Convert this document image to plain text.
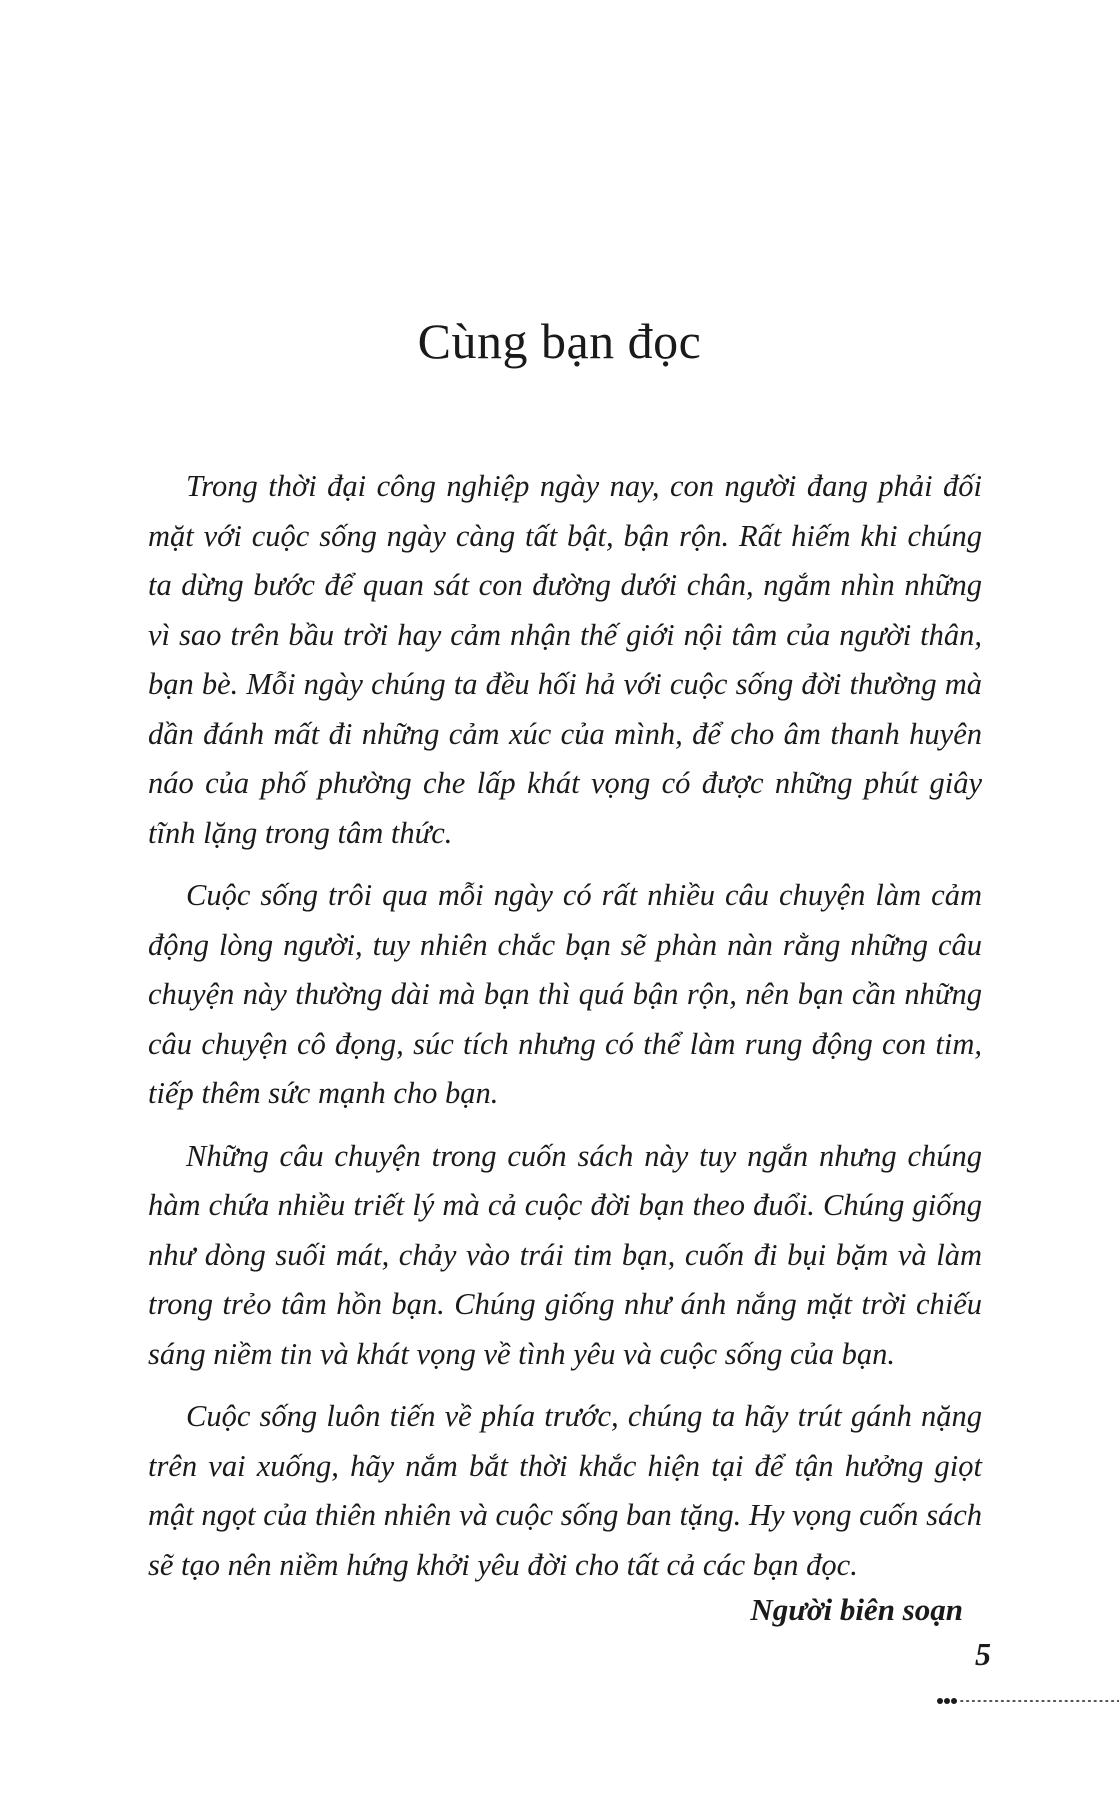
Cùng bạn đọc

Trong thời đại công nghiệp ngày nay, con người đang phải đối mặt với cuộc sống ngày càng tất bật, bận rộn. Rất hiếm khi chúng ta dừng bước để quan sát con đường dưới chân, ngắm nhìn những vì sao trên bầu trời hay cảm nhận thế giới nội tâm của người thân, bạn bè. Mỗi ngày chúng ta đều hối hả với cuộc sống đời thường mà dần đánh mất đi những cảm xúc của mình, để cho âm thanh huyên náo của phố phường che lấp khát vọng có được những phút giây tĩnh lặng trong tâm thức.

Cuộc sống trôi qua mỗi ngày có rất nhiều câu chuyện làm cảm động lòng người, tuy nhiên chắc bạn sẽ phàn nàn rằng những câu chuyện này thường dài mà bạn thì quá bận rộn, nên bạn cần những câu chuyện cô đọng, súc tích nhưng có thể làm rung động con tim, tiếp thêm sức mạnh cho bạn.

Những câu chuyện trong cuốn sách này tuy ngắn nhưng chúng hàm chứa nhiều triết lý mà cả cuộc đời bạn theo đuổi. Chúng giống như dòng suối mát, chảy vào trái tim bạn, cuốn đi bụi bặm và làm trong trẻo tâm hồn bạn. Chúng giống như ánh nắng mặt trời chiếu sáng niềm tin và khát vọng về tình yêu và cuộc sống của bạn.

Cuộc sống luôn tiến về phía trước, chúng ta hãy trút gánh nặng trên vai xuống, hãy nắm bắt thời khắc hiện tại để tận hưởng giọt mật ngọt của thiên nhiên và cuộc sống ban tặng. Hy vọng cuốn sách sẽ tạo nên niềm hứng khởi yêu đời cho tất cả các bạn đọc.

Người biên soạn

5
